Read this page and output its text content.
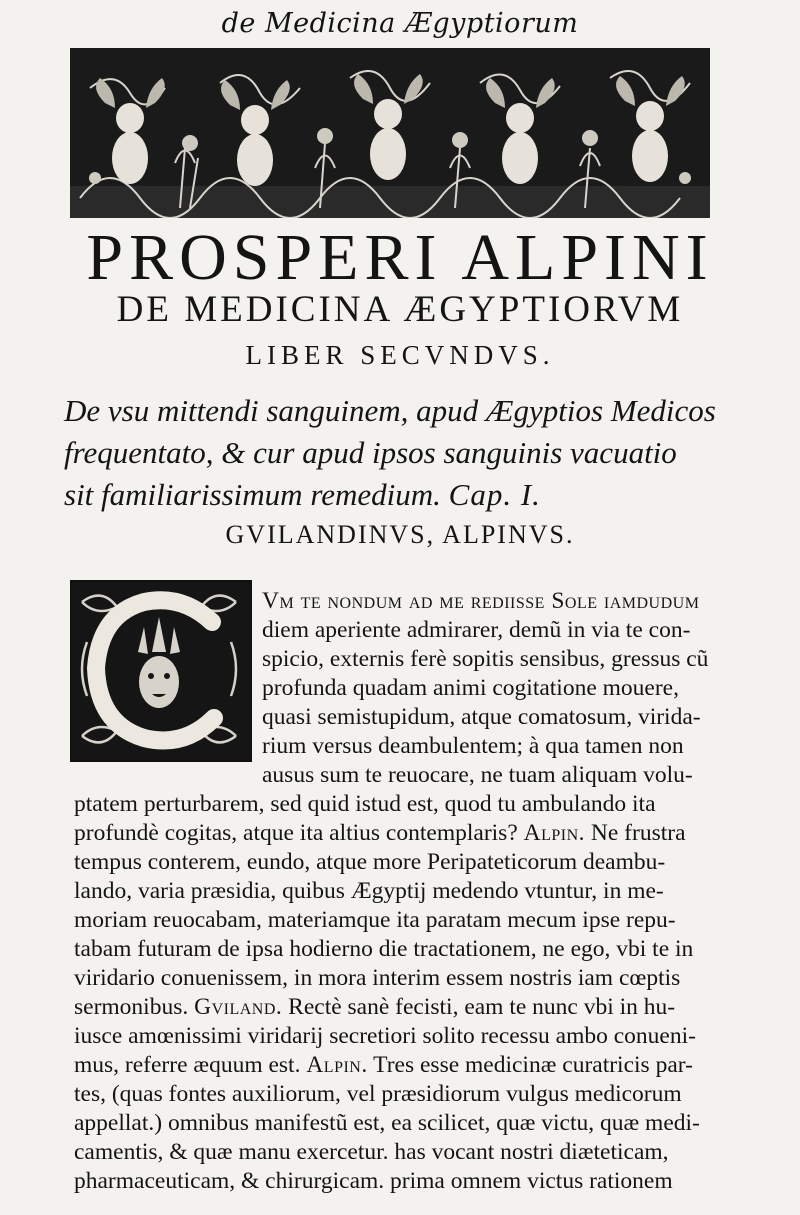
de Medicina Ægyptiorum
PROSPERI ALPINI
DE MEDICINA ÆGYPTIORVM
LIBER SECVNDVS.
De vsu mittendi sanguinem, apud Ægyptios Medicos
frequentato, & cur apud ipsos sanguinis vacuatio
sit familiarissimum remedium. Cap. I.
GVILANDINVS, ALPINVS.
Vm te nondum ad me rediisse Sole iamdudum
diem aperiente admirarer, demũ in via te con-
spicio, externis ferè sopitis sensibus, gressus cũ
profunda quadam animi cogitatione mouere,
quasi semistupidum, atque comatosum, virida-
rium versus deambulentem; à qua tamen non
ausus sum te reuocare, ne tuam aliquam volu-
ptatem perturbarem, sed quid istud est, quod tu ambulando ita
profundè cogitas, atque ita altius contemplaris? Alpin. Ne frustra
tempus conterem, eundo, atque more Peripateticorum deambu-
lando, varia præsidia, quibus Ægyptij medendo vtuntur, in me-
moriam reuocabam, materiamque ita paratam mecum ipse repu-
tabam futuram de ipsa hodierno die tractationem, ne ego, vbi te in
viridario conuenissem, in mora interim essem nostris iam cœptis
sermonibus. Gviland. Rectè sanè fecisti, eam te nunc vbi in hu-
iusce amœnissimi viridarij secretiori solito recessu ambo conueni-
mus, referre æquum est. Alpin. Tres esse medicinæ curatricis par-
tes, (quas fontes auxiliorum, vel præsidiorum vulgus medicorum
appellat.) omnibus manifestũ est, ea scilicet, quæ victu, quæ medi-
camentis, & quæ manu exercetur. has vocant nostri diæteticam,
pharmaceuticam, & chirurgicam. prima omnem victus rationem
